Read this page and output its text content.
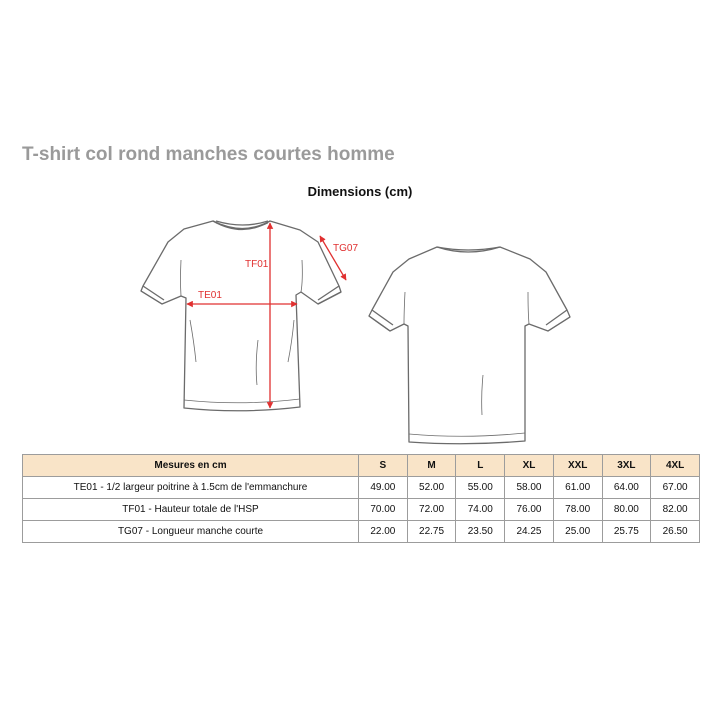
T-shirt col rond manches courtes homme
Dimensions (cm)
TF01
TE01
TG07
Mesures en cm	S	M	L	XL	XXL	3XL	4XL
TE01 - 1/2 largeur poitrine à 1.5cm de l'emmanchure	49.00	52.00	55.00	58.00	61.00	64.00	67.00
TF01 - Hauteur totale de l'HSP	70.00	72.00	74.00	76.00	78.00	80.00	82.00
TG07 - Longueur manche courte	22.00	22.75	23.50	24.25	25.00	25.75	26.50
